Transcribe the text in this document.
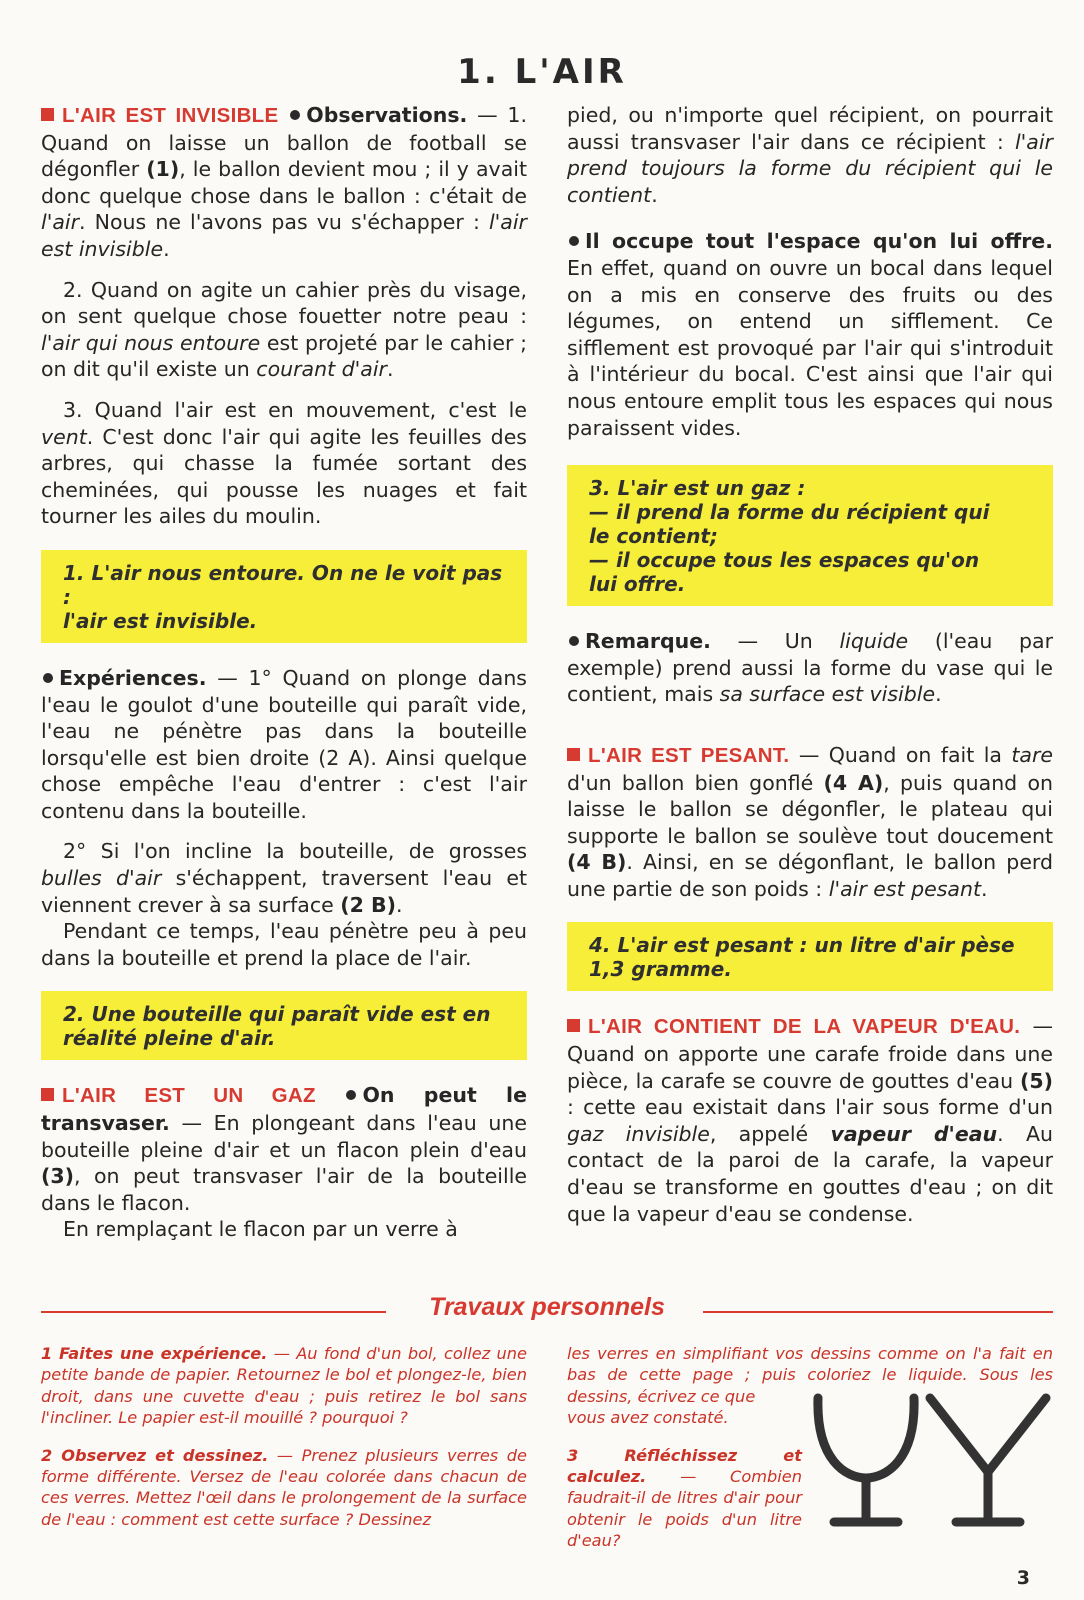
1. L'AIR

L'AIR EST INVISIBLE Observations. — 1. Quand on laisse un ballon de football se dégonfler (1), le ballon devient mou ; il y avait donc quelque chose dans le ballon : c'était de l'air. Nous ne l'avons pas vu s'échapper : l'air est invisible.

2. Quand on agite un cahier près du visage, on sent quelque chose fouetter notre peau : l'air qui nous entoure est projeté par le cahier ; on dit qu'il existe un courant d'air.

3. Quand l'air est en mouvement, c'est le vent. C'est donc l'air qui agite les feuilles des arbres, qui chasse la fumée sortant des cheminées, qui pousse les nuages et fait tourner les ailes du moulin.

1. L'air nous entoure. On ne le voit pas :
l'air est invisible.

Expériences. — 1° Quand on plonge dans l'eau le goulot d'une bouteille qui paraît vide, l'eau ne pénètre pas dans la bouteille lorsqu'elle est bien droite (2 A). Ainsi quelque chose empêche l'eau d'entrer : c'est l'air contenu dans la bouteille.

2° Si l'on incline la bouteille, de grosses bulles d'air s'échappent, traversent l'eau et viennent crever à sa surface (2 B).

Pendant ce temps, l'eau pénètre peu à peu dans la bouteille et prend la place de l'air.

2. Une bouteille qui paraît vide est en
réalité pleine d'air.

L'AIR EST UN GAZ On peut le transvaser. — En plongeant dans l'eau une bouteille pleine d'air et un flacon plein d'eau (3), on peut transvaser l'air de la bouteille dans le flacon.

En remplaçant le flacon par un verre à

pied, ou n'importe quel récipient, on pourrait aussi transvaser l'air dans ce récipient : l'air prend toujours la forme du récipient qui le contient.

Il occupe tout l'espace qu'on lui offre. En effet, quand on ouvre un bocal dans lequel on a mis en conserve des fruits ou des légumes, on entend un sifflement. Ce sifflement est provoqué par l'air qui s'introduit à l'intérieur du bocal. C'est ainsi que l'air qui nous entoure emplit tous les espaces qui nous paraissent vides.

3. L'air est un gaz :
— il prend la forme du récipient qui
le contient;
— il occupe tous les espaces qu'on
lui offre.

Remarque. — Un liquide (l'eau par exemple) prend aussi la forme du vase qui le contient, mais sa surface est visible.

L'AIR EST PESANT. — Quand on fait la tare d'un ballon bien gonflé (4 A), puis quand on laisse le ballon se dégonfler, le plateau qui supporte le ballon se soulève tout doucement (4 B). Ainsi, en se dégonflant, le ballon perd une partie de son poids : l'air est pesant.

4. L'air est pesant : un litre d'air pèse
1,3 gramme.

L'AIR CONTIENT DE LA VAPEUR D'EAU. — Quand on apporte une carafe froide dans une pièce, la carafe se couvre de gouttes d'eau (5) : cette eau existait dans l'air sous forme d'un gaz invisible, appelé vapeur d'eau. Au contact de la paroi de la carafe, la vapeur d'eau se transforme en gouttes d'eau ; on dit que la vapeur d'eau se condense.

Travaux personnels

1 Faites une expérience. — Au fond d'un bol, collez une petite bande de papier. Retournez le bol et plongez-le, bien droit, dans une cuvette d'eau ; puis retirez le bol sans l'incliner. Le papier est-il mouillé ? pourquoi ?

2 Observez et dessinez. — Prenez plusieurs verres de forme différente. Versez de l'eau colorée dans chacun de ces verres. Mettez l'œil dans le prolongement de la surface de l'eau : comment est cette surface ? Dessinez

les verres en simplifiant vos dessins comme on l'a fait en bas de cette page ; puis coloriez le liquide. Sous les dessins, écrivez ce que

vous avez constaté.

3 Réfléchissez et calculez. — Combien faudrait-il de litres d'air pour obtenir le poids d'un litre d'eau?

3
